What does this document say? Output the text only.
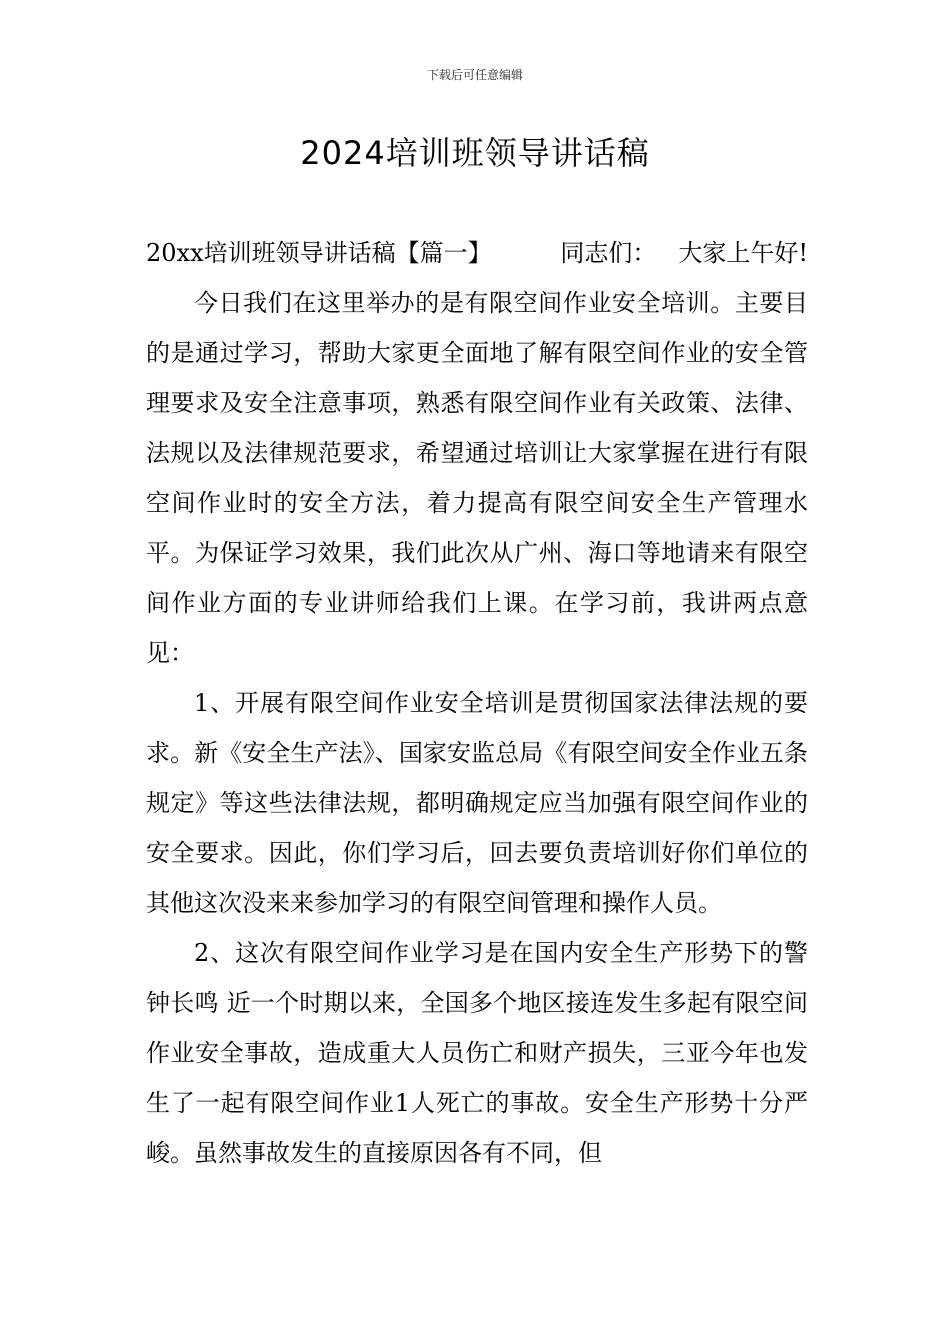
下载后可任意编辑
2024培训班领导讲话稿

20xx培训班领导讲话稿【篇一】	同志们： 大家上午好!

今日我们在这里举办的是有限空间作业安全培训。主要目的是通过学习，帮助大家更全面地了解有限空间作业的安全管理要求及安全注意事项，熟悉有限空间作业有关政策、法律、法规以及法律规范要求，希望通过培训让大家掌握在进行有限空间作业时的安全方法，着力提高有限空间安全生产管理水平。为保证学习效果，我们此次从广州、海口等地请来有限空间作业方面的专业讲师给我们上课。在学习前，我讲两点意见：

1、开展有限空间作业安全培训是贯彻国家法律法规的要求。新《安全生产法》、国家安监总局《有限空间安全作业五条规定》等这些法律法规，都明确规定应当加强有限空间作业的安全要求。因此，你们学习后，回去要负责培训好你们单位的其他这次没来来参加学习的有限空间管理和操作人员。

2、这次有限空间作业学习是在国内安全生产形势下的警钟长鸣 近一个时期以来，全国多个地区接连发生多起有限空间作业安全事故，造成重大人员伤亡和财产损失，三亚今年也发生了一起有限空间作业1人死亡的事故。安全生产形势十分严峻。虽然事故发生的直接原因各有不同，但
